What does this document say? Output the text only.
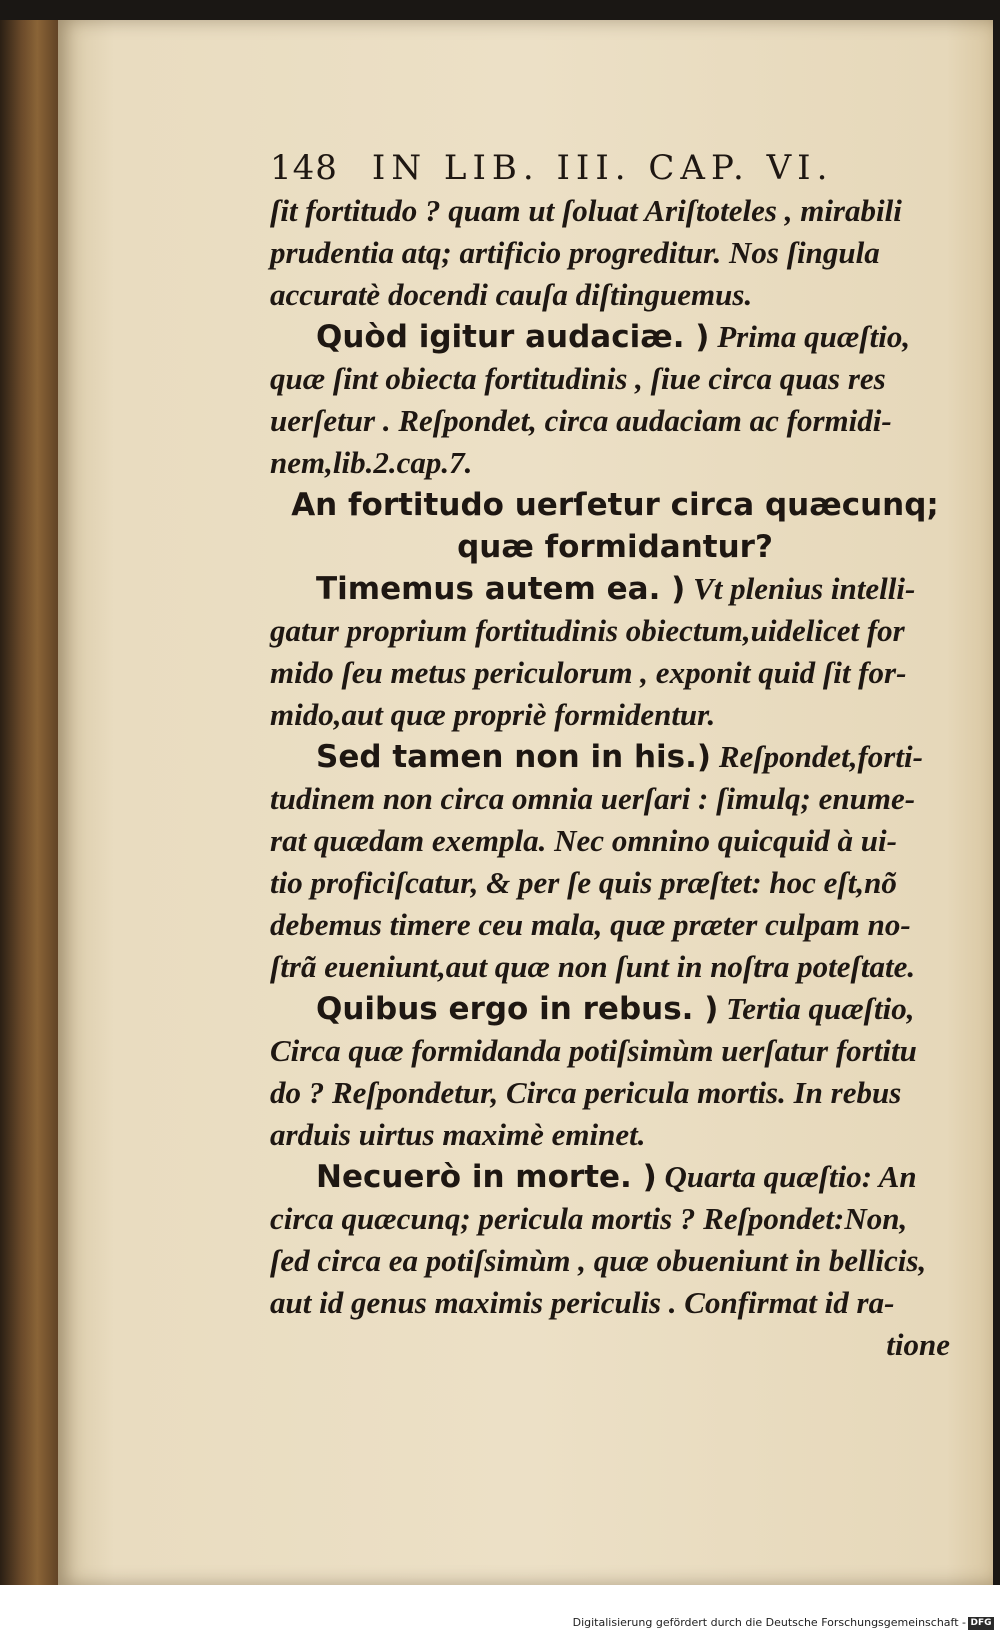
148 IN LIB. III. CAP. VI.

ſit fortitudo ? quam ut ſoluat Ariſtoteles , mirabili

prudentia atq; artificio progreditur. Nos ſingula

accuratè docendi cauſa diſtinguemus.

Quòd igitur audaciæ. ) Prima quæſtio,

quæ ſint obiecta fortitudinis , ſiue circa quas res

uerſetur . Reſpondet, circa audaciam ac formidi-

nem,lib.2.cap.7.

An fortitudo uerſetur circa quæcunq;

quæ formidantur?

Timemus autem ea. ) Vt plenius intelli-

gatur proprium fortitudinis obiectum,uidelicet for

mido ſeu metus periculorum , exponit quid ſit for-

mido,aut quæ propriè formidentur.

Sed tamen non in his.) Reſpondet,forti-

tudinem non circa omnia uerſari : ſimulq; enume-

rat quædam exempla. Nec omnino quicquid à ui-

tio proficiſcatur, & per ſe quis præſtet: hoc eſt,nõ

debemus timere ceu mala, quæ præter culpam no-

ſtrã eueniunt,aut quæ non ſunt in noſtra poteſtate.

Quibus ergo in rebus. ) Tertia quæſtio,

Circa quæ formidanda potiſsimùm uerſatur fortitu

do ? Reſpondetur, Circa pericula mortis. In rebus

arduis uirtus maximè eminet.

Necuerò in morte. ) Quarta quæſtio: An

circa quæcunq; pericula mortis ? Reſpondet:Non,

ſed circa ea potiſsimùm , quæ obueniunt in bellicis,

aut id genus maximis periculis . Confirmat id ra-

tione

Digitalisierung gefördert durch die Deutsche Forschungsgemeinschaft - DFG
